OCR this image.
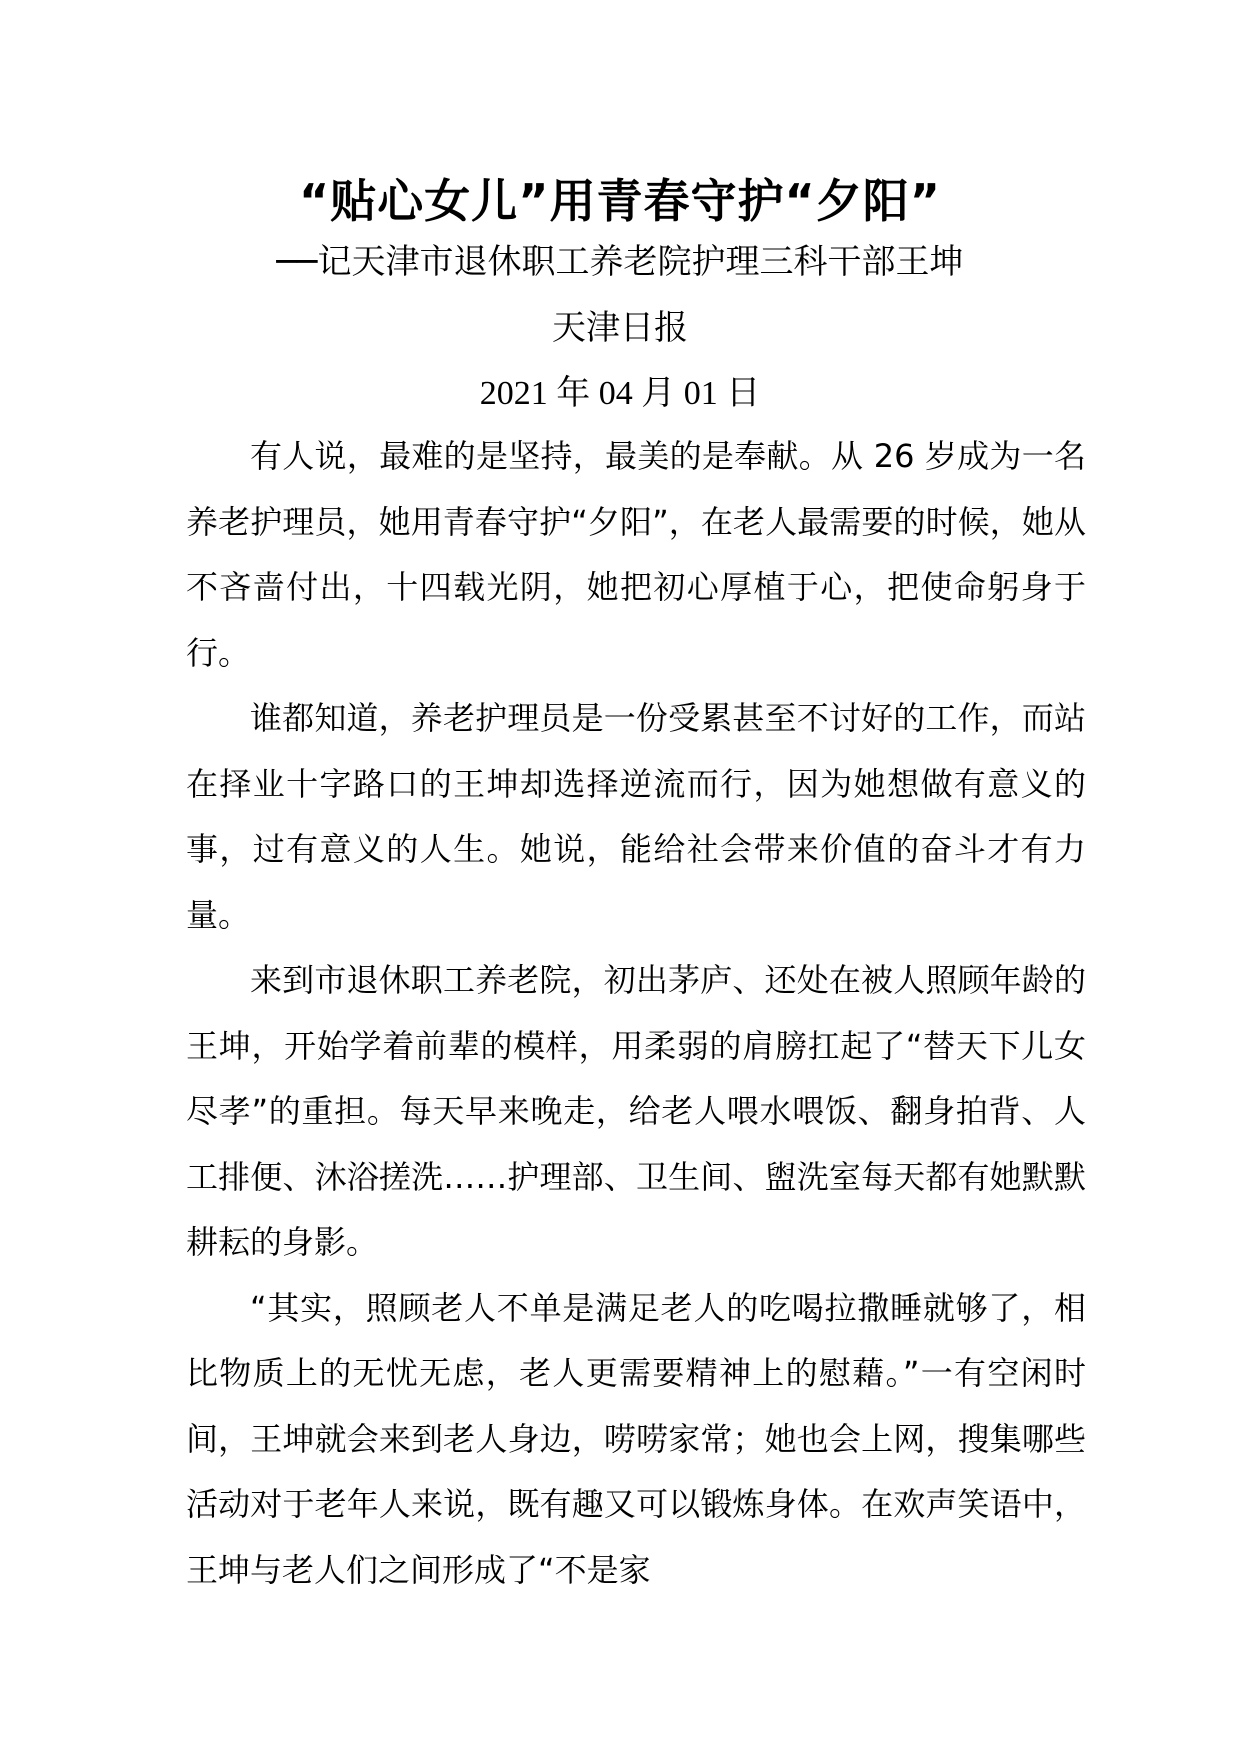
“贴心女儿”用青春守护“夕阳”
──记天津市退休职工养老院护理三科干部王坤
天津日报
2021 年 04 月 01 日

有人说，最难的是坚持，最美的是奉献。从 26 岁成为一名养老护理员，她用青春守护“夕阳”，在老人最需要的时候，她从不吝啬付出，十四载光阴，她把初心厚植于心，把使命躬身于行。

谁都知道，养老护理员是一份受累甚至不讨好的工作，而站在择业十字路口的王坤却选择逆流而行，因为她想做有意义的事，过有意义的人生。她说，能给社会带来价值的奋斗才有力量。

来到市退休职工养老院，初出茅庐、还处在被人照顾年龄的王坤，开始学着前辈的模样，用柔弱的肩膀扛起了“替天下儿女尽孝”的重担。每天早来晚走，给老人喂水喂饭、翻身拍背、人工排便、沐浴搓洗……护理部、卫生间、盥洗室每天都有她默默耕耘的身影。

“其实，照顾老人不单是满足老人的吃喝拉撒睡就够了，相比物质上的无忧无虑，老人更需要精神上的慰藉。”一有空闲时间，王坤就会来到老人身边，唠唠家常；她也会上网，搜集哪些活动对于老年人来说，既有趣又可以锻炼身体。在欢声笑语中，王坤与老人们之间形成了“不是家
